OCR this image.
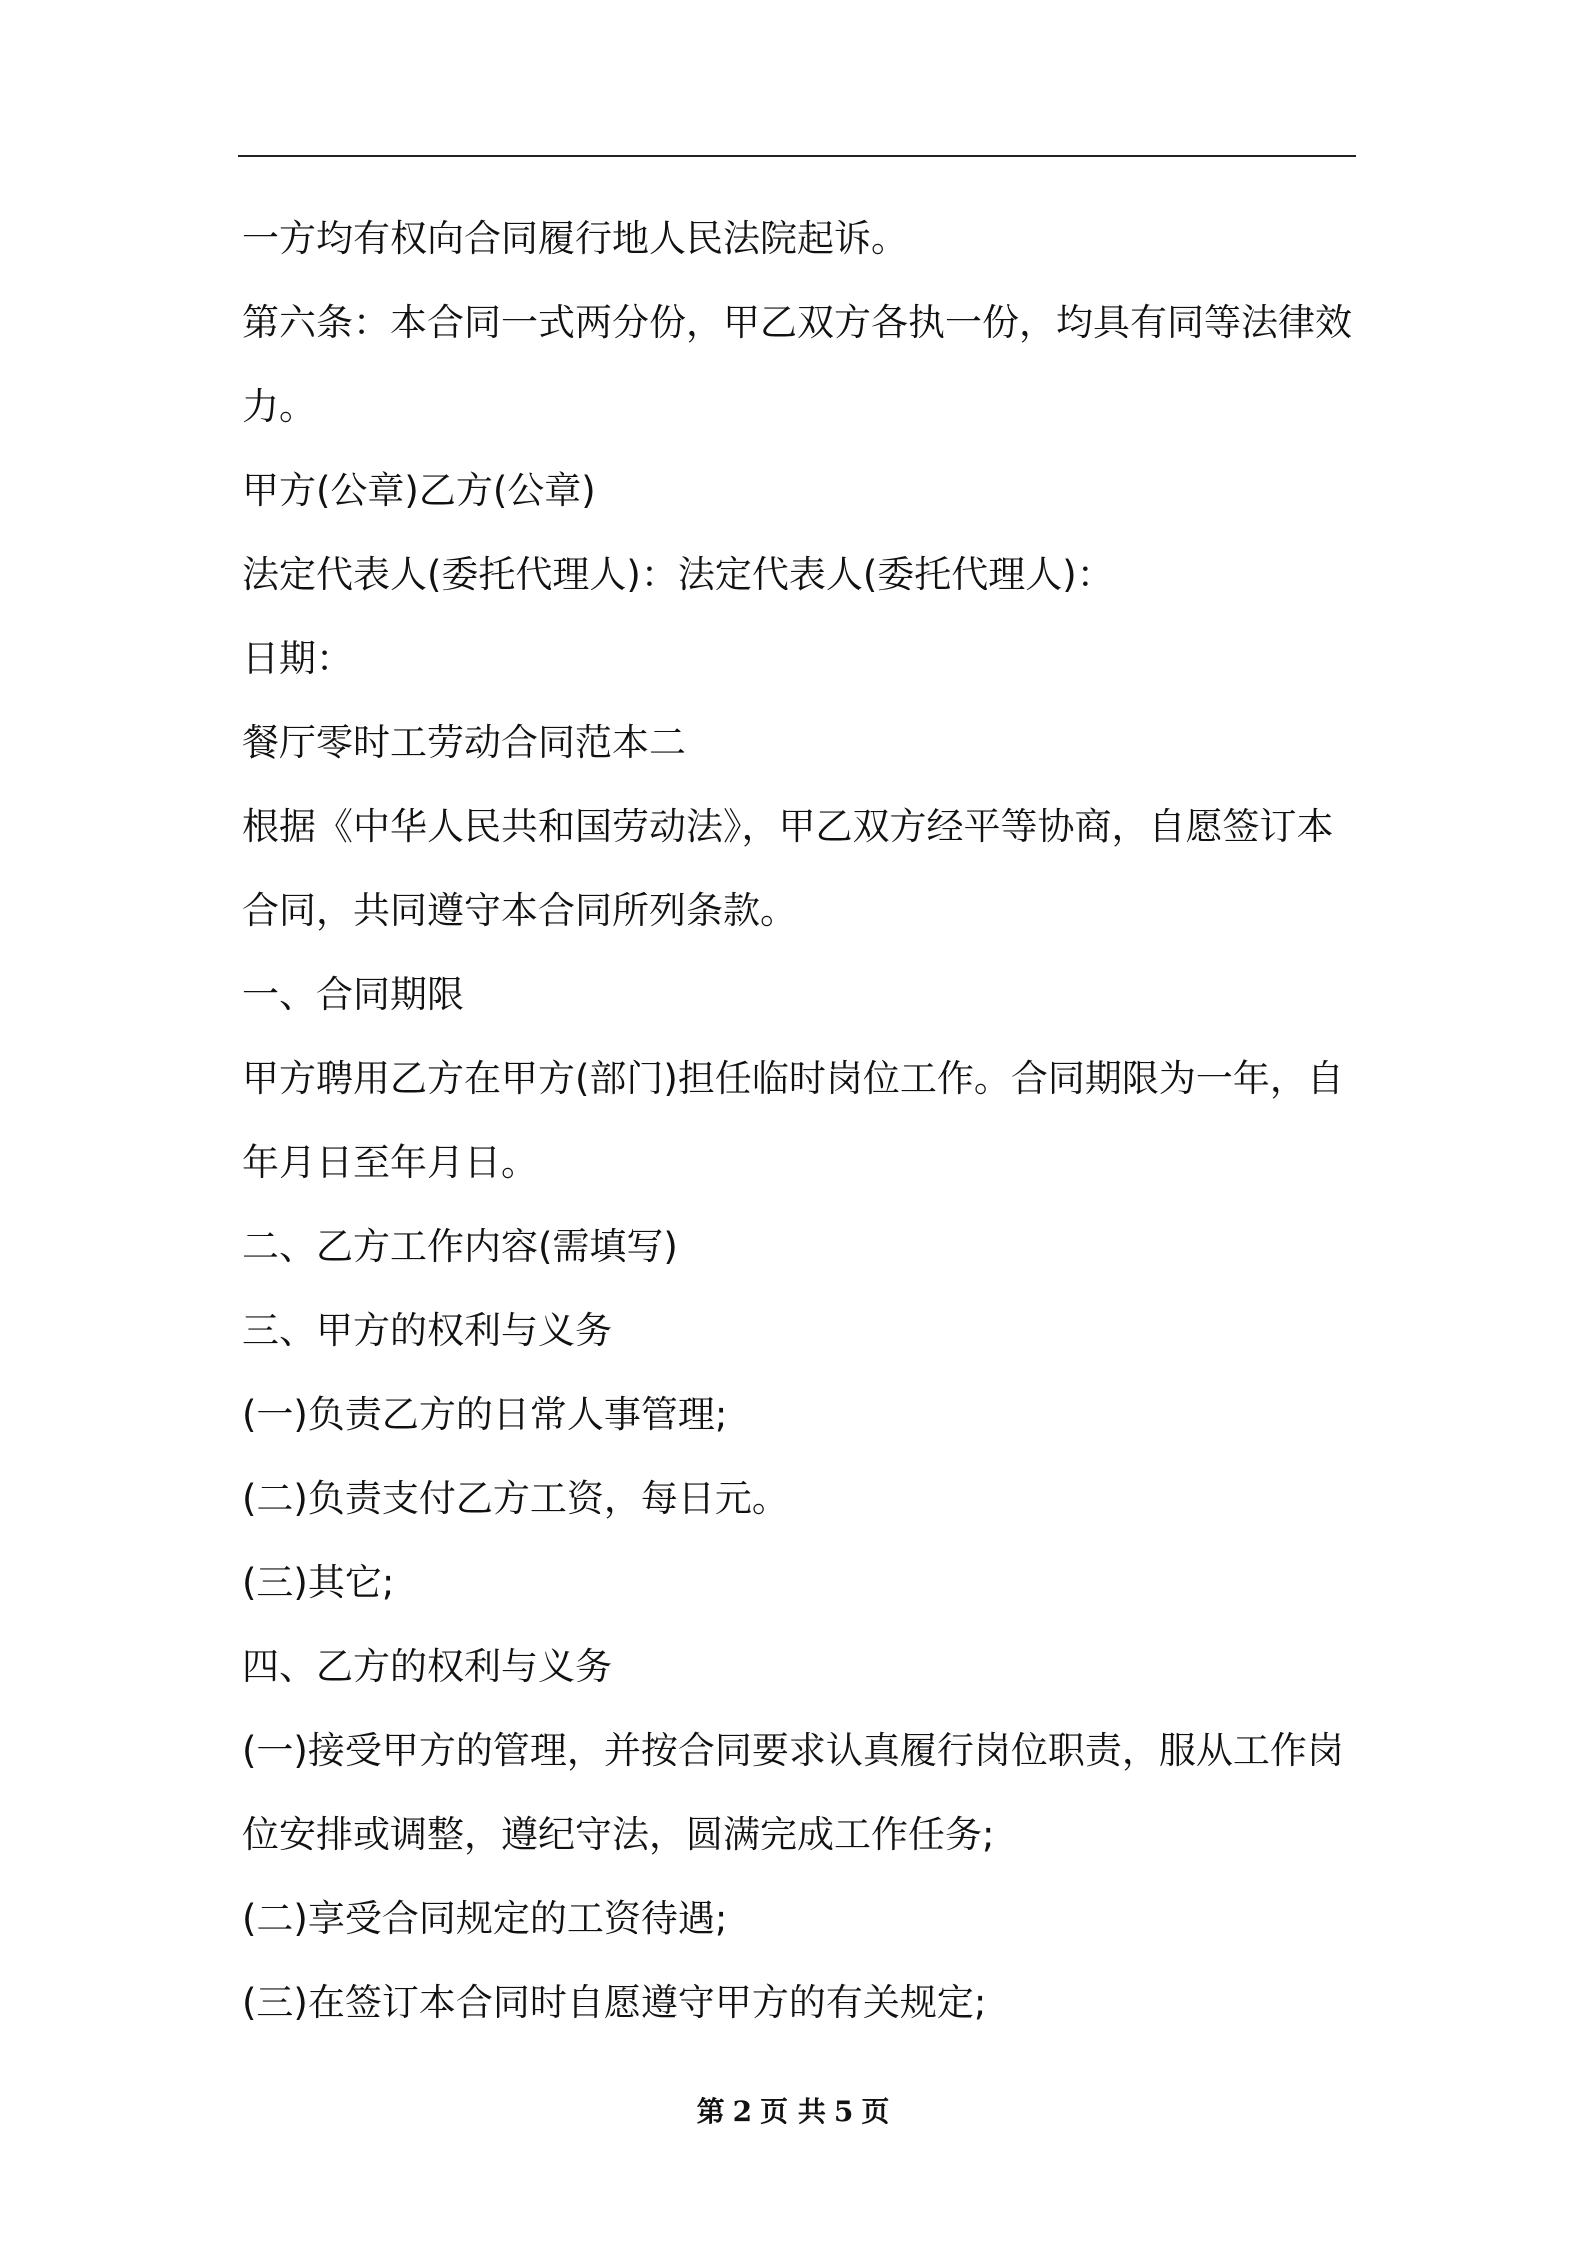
一方均有权向合同履行地人民法院起诉。
第六条：本合同一式两分份，甲乙双方各执一份，均具有同等法律效
力。
甲方(公章)乙方(公章)
法定代表人(委托代理人)：法定代表人(委托代理人)：
日期：
餐厅零时工劳动合同范本二
根据《中华人民共和国劳动法》，甲乙双方经平等协商，自愿签订本
合同，共同遵守本合同所列条款。
一、合同期限
甲方聘用乙方在甲方(部门)担任临时岗位工作。合同期限为一年，自
年月日至年月日。
二、乙方工作内容(需填写)
三、甲方的权利与义务
(一)负责乙方的日常人事管理;
(二)负责支付乙方工资，每日元。
(三)其它;
四、乙方的权利与义务
(一)接受甲方的管理，并按合同要求认真履行岗位职责，服从工作岗
位安排或调整，遵纪守法，圆满完成工作任务;
(二)享受合同规定的工资待遇;
(三)在签订本合同时自愿遵守甲方的有关规定;
第 2 页 共 5 页
